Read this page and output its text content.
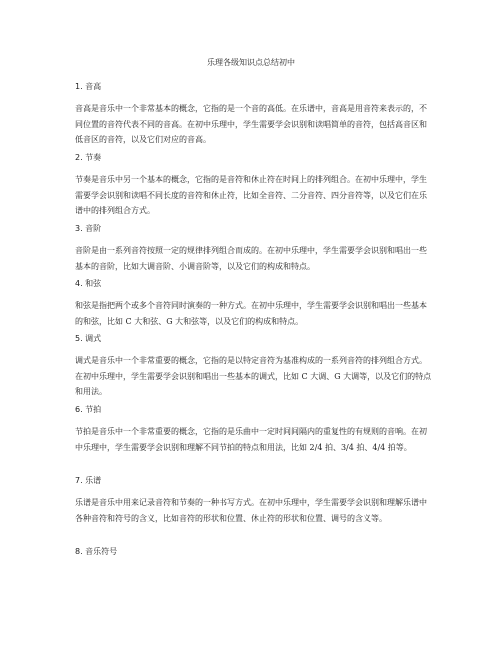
乐理各级知识点总结初中
1. 音高

音高是音乐中一个非常基本的概念，它指的是一个音的高低。在乐谱中，音高是用音符来表示的，不同位置的音符代表不同的音高。在初中乐理中，学生需要学会识别和读唱简单的音符，包括高音区和低音区的音符，以及它们对应的音高。

2. 节奏

节奏是音乐中另一个基本的概念，它指的是音符和休止符在时间上的排列组合。在初中乐理中，学生需要学会识别和读唱不同长度的音符和休止符，比如全音符、二分音符、四分音符等，以及它们在乐谱中的排列组合方式。

3. 音阶

音阶是由一系列音符按照一定的规律排列组合而成的。在初中乐理中，学生需要学会识别和唱出一些基本的音阶，比如大调音阶、小调音阶等，以及它们的构成和特点。

4. 和弦

和弦是指把两个或多个音符同时演奏的一种方式。在初中乐理中，学生需要学会识别和唱出一些基本的和弦，比如 C 大和弦、G 大和弦等，以及它们的构成和特点。

5. 调式

调式是音乐中一个非常重要的概念，它指的是以特定音符为基准构成的一系列音符的排列组合方式。在初中乐理中，学生需要学会识别和唱出一些基本的调式，比如 C 大调、G 大调等，以及它们的特点和用法。

6. 节拍

节拍是音乐中一个非常重要的概念，它指的是乐曲中一定时间间隔内的重复性的有规则的音响。在初中乐理中，学生需要学会识别和理解不同节拍的特点和用法，比如 2/4 拍、3/4 拍、4/4 拍等。

7. 乐谱

乐谱是音乐中用来记录音符和节奏的一种书写方式。在初中乐理中，学生需要学会识别和理解乐谱中各种音符和符号的含义，比如音符的形状和位置、休止符的形状和位置、调号的含义等。

8. 音乐符号
